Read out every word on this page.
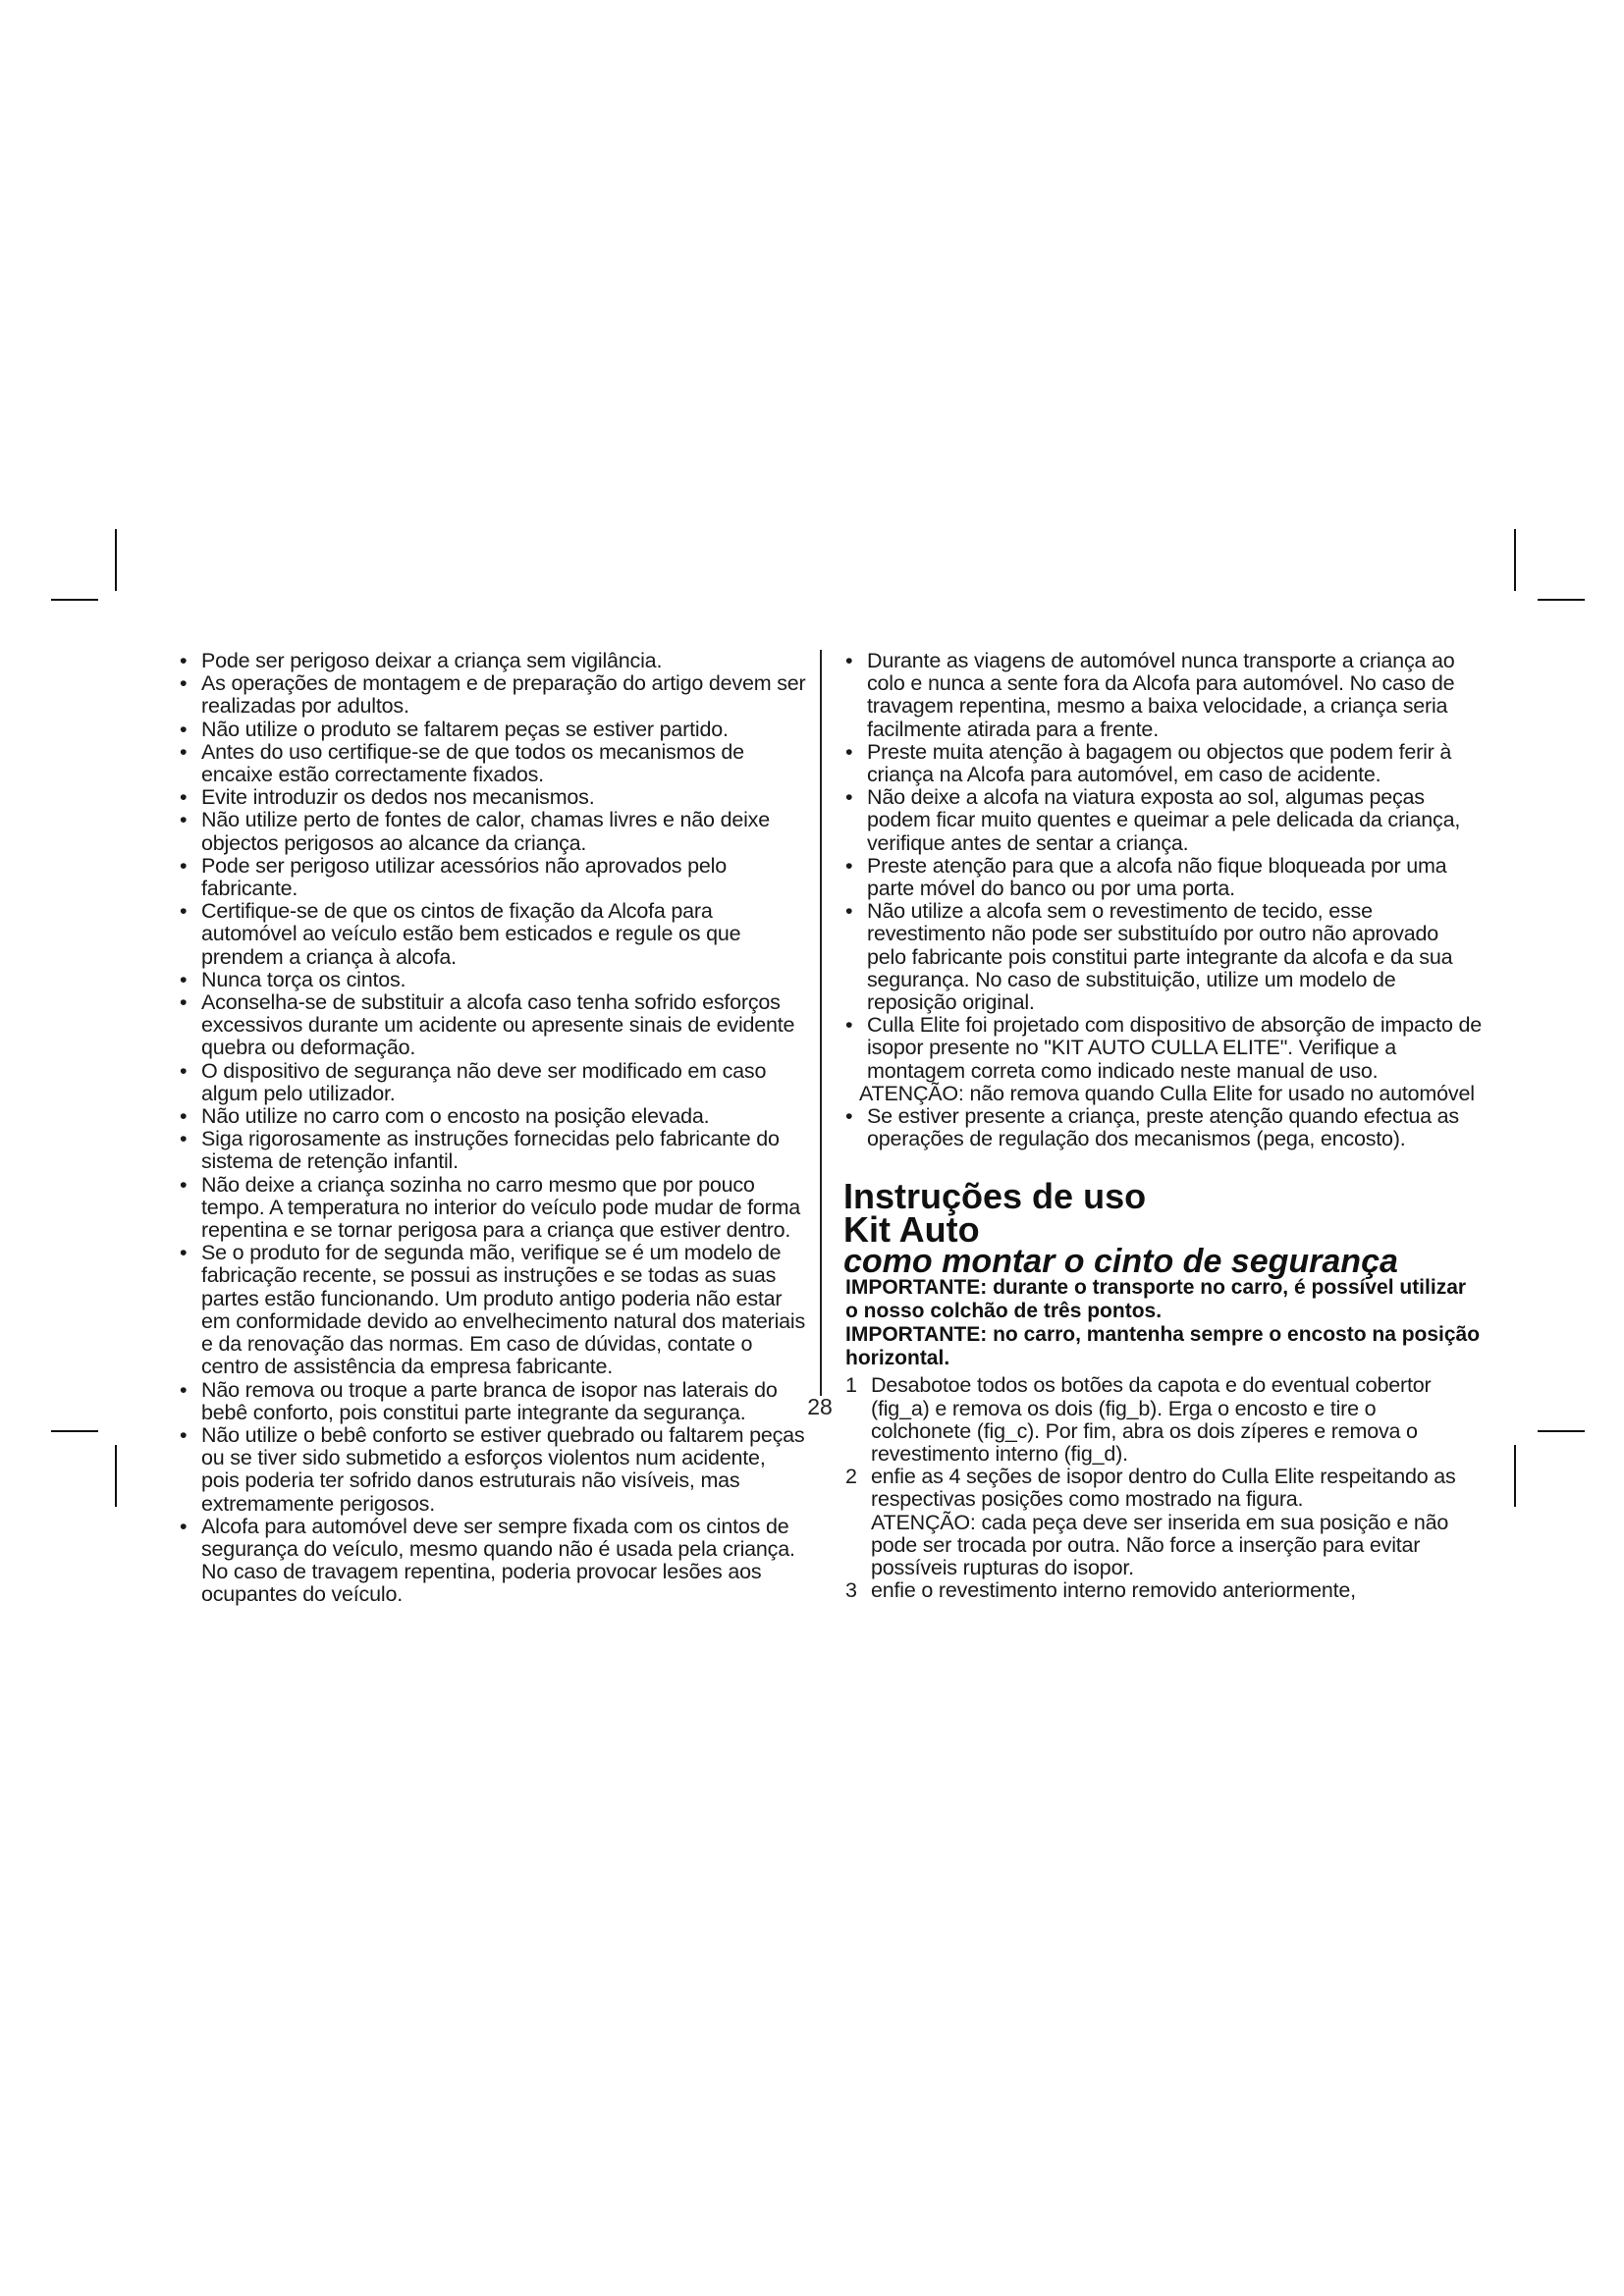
• Pode ser perigoso deixar a criança sem vigilância.
• As operações de montagem e de preparação do artigo devem ser realizadas por adultos.
• Não utilize o produto se faltarem peças se estiver partido.
• Antes do uso certifique-se de que todos os mecanismos de encaixe estão correctamente fixados.
• Evite introduzir os dedos nos mecanismos.
• Não utilize perto de fontes de calor, chamas livres e não deixe objectos perigosos ao alcance da criança.
• Pode ser perigoso utilizar acessórios não aprovados pelo fabricante.
• Certifique-se de que os cintos de fixação da Alcofa para automóvel ao veículo estão bem esticados e regule os que prendem a criança à alcofa.
• Nunca torça os cintos.
• Aconselha-se de substituir a alcofa caso tenha sofrido esforços excessivos durante um acidente ou apresente sinais de evidente quebra ou deformação.
• O dispositivo de segurança não deve ser modificado em caso algum pelo utilizador.
• Não utilize no carro com o encosto na posição elevada.
• Siga rigorosamente as instruções fornecidas pelo fabricante do sistema de retenção infantil.
• Não deixe a criança sozinha no carro mesmo que por pouco tempo. A temperatura no interior do veículo pode mudar de forma repentina e se tornar perigosa para a criança que estiver dentro.
• Se o produto for de segunda mão, verifique se é um modelo de fabricação recente, se possui as instruções e se todas as suas partes estão funcionando. Um produto antigo poderia não estar em conformidade devido ao envelhecimento natural dos materiais e da renovação das normas. Em caso de dúvidas, contate o centro de assistência da empresa fabricante.
• Não remova ou troque a parte branca de isopor nas laterais do bebê conforto, pois constitui parte integrante da segurança.
• Não utilize o bebê conforto se estiver quebrado ou faltarem peças ou se tiver sido submetido a esforços violentos num acidente, pois poderia ter sofrido danos estruturais não visíveis, mas extremamente perigosos.
• Alcofa para automóvel deve ser sempre fixada com os cintos de segurança do veículo, mesmo quando não é usada pela criança. No caso de travagem repentina, poderia provocar lesões aos ocupantes do veículo.
28
• Durante as viagens de automóvel nunca transporte a criança ao colo e nunca a sente fora da Alcofa para automóvel. No caso de travagem repentina, mesmo a baixa velocidade, a criança seria facilmente atirada para a frente.
• Preste muita atenção à bagagem ou objectos que podem ferir à criança na Alcofa para automóvel, em caso de acidente.
• Não deixe a alcofa na viatura exposta ao sol, algumas peças podem ficar muito quentes e queimar a pele delicada da criança, verifique antes de sentar a criança.
• Preste atenção para que a alcofa não fique bloqueada por uma parte móvel do banco ou por uma porta.
• Não utilize a alcofa sem o revestimento de tecido, esse revestimento não pode ser substituído por outro não aprovado pelo fabricante pois constitui parte integrante da alcofa e da sua segurança. No caso de substituição, utilize um modelo de reposição original.
• Culla Elite foi projetado com dispositivo de absorção de impacto de isopor presente no "KIT AUTO CULLA ELITE". Verifique a montagem correta como indicado neste manual de uso.
ATENÇÃO: não remova quando Culla Elite for usado no automóvel
• Se estiver presente a criança, preste atenção quando efectua as operações de regulação dos mecanismos (pega, encosto).
Instruções de uso
Kit Auto
como montar o cinto de segurança

IMPORTANTE: durante o transporte no carro, é possível utilizar o nosso colchão de três pontos.

IMPORTANTE: no carro, mantenha sempre o encosto na posição horizontal.

1 Desabotoe todos os botões da capota e do eventual cobertor (fig_a) e remova os dois (fig_b). Erga o encosto e tire o colchonete (fig_c). Por fim, abra os dois zíperes e remova o revestimento interno (fig_d).
2 enfie as 4 seções de isopor dentro do Culla Elite respeitando as respectivas posições como mostrado na figura.
ATENÇÃO: cada peça deve ser inserida em sua posição e não pode ser trocada por outra. Não force a inserção para evitar possíveis rupturas do isopor.
3 enfie o revestimento interno removido anteriormente,
